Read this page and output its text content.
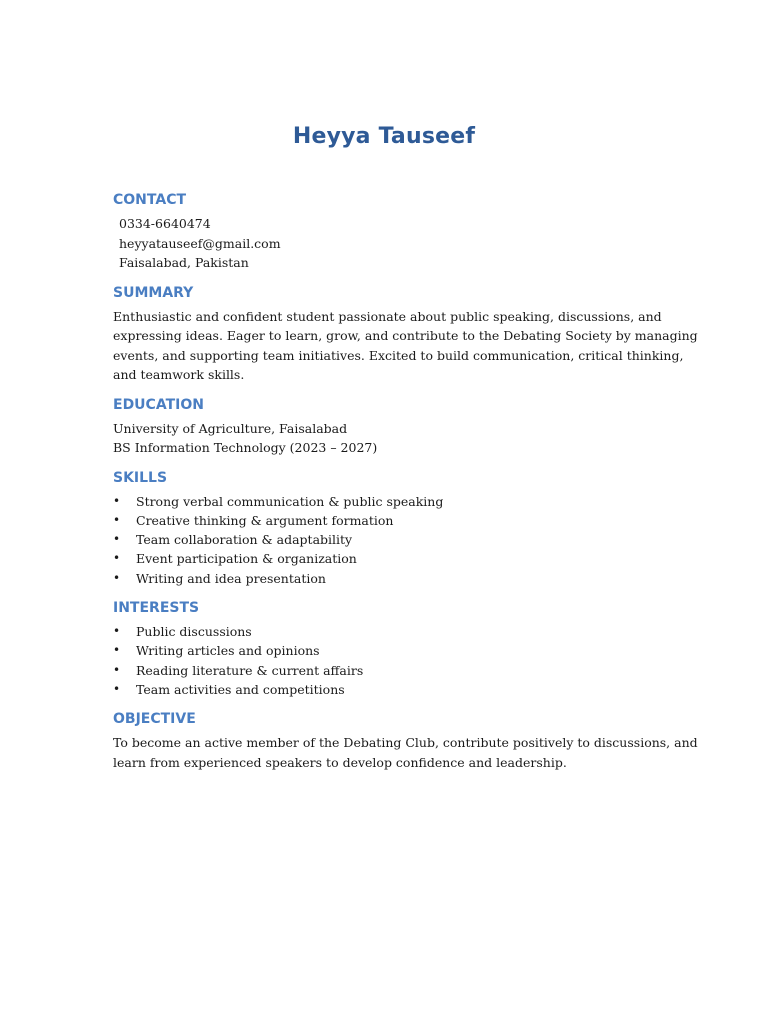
Heyya Tauseef
CONTACT

0334-6640474

heyyatauseef@gmail.com

Faisalabad, Pakistan

SUMMARY

Enthusiastic and confident student passionate about public speaking, discussions, and

expressing ideas. Eager to learn, grow, and contribute to the Debating Society by managing

events, and supporting team initiatives. Excited to build communication, critical thinking,

and teamwork skills.

EDUCATION

University of Agriculture, Faisalabad

BS Information Technology (2023 – 2027)

SKILLS
• Strong verbal communication & public speaking
• Creative thinking & argument formation
• Team collaboration & adaptability
• Event participation & organization
• Writing and idea presentation
INTERESTS
• Public discussions
• Writing articles and opinions
• Reading literature & current affairs
• Team activities and competitions
OBJECTIVE

To become an active member of the Debating Club, contribute positively to discussions, and

learn from experienced speakers to develop confidence and leadership.
